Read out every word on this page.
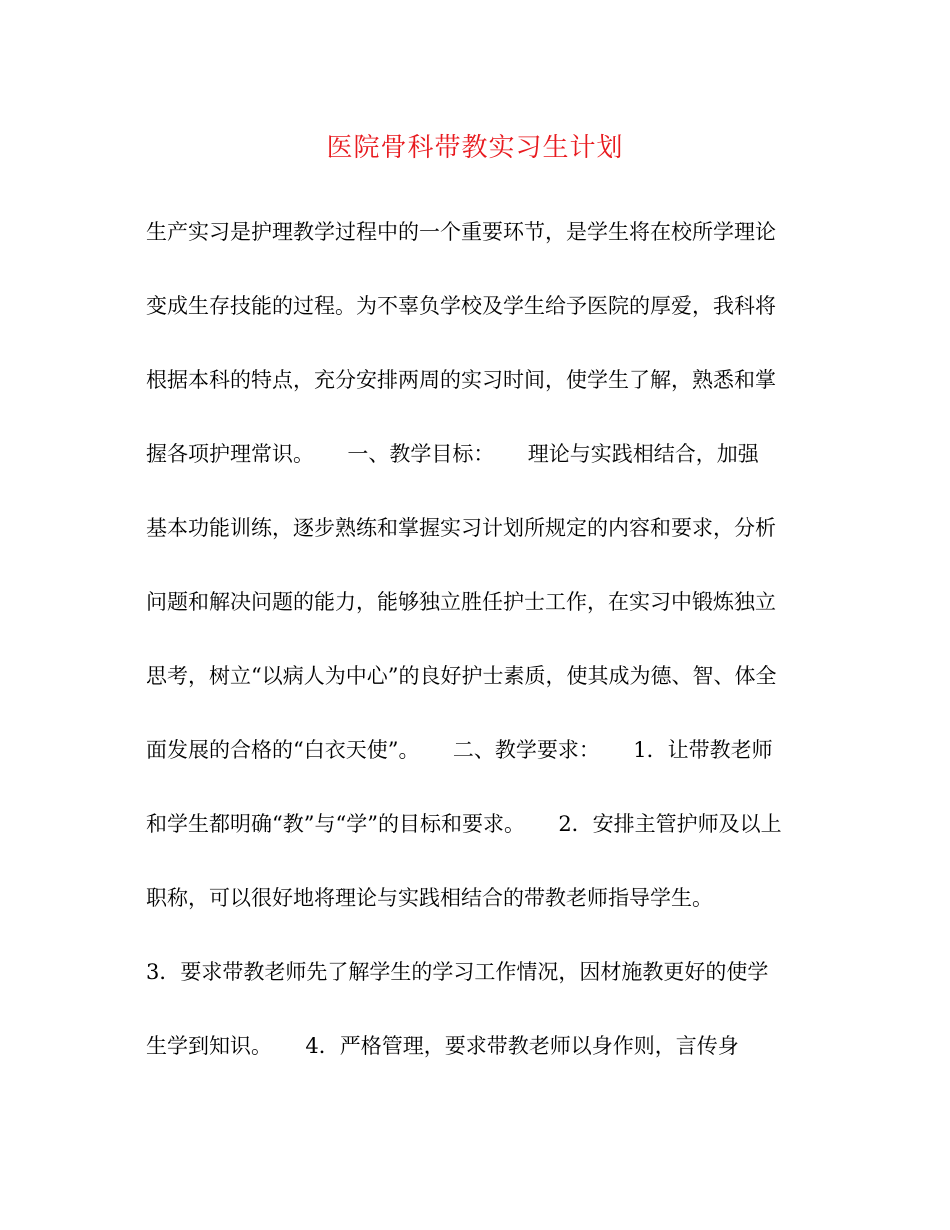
医院骨科带教实习生计划
生产实习是护理教学过程中的一个重要环节，是学生将在校所学理论
变成生存技能的过程。为不辜负学校及学生给予医院的厚爱，我科将
根据本科的特点，充分安排两周的实习时间，使学生了解，熟悉和掌
握各项护理常识。     一、教学目标：     理论与实践相结合，加强
基本功能训练，逐步熟练和掌握实习计划所规定的内容和要求，分析
问题和解决问题的能力，能够独立胜任护士工作，在实习中锻炼独立
思考，树立“以病人为中心”的良好护士素质，使其成为德、智、体全
面发展的合格的“白衣天使”。     二、教学要求：     1．让带教老师
和学生都明确“教”与“学”的目标和要求。     2．安排主管护师及以上
职称，可以很好地将理论与实践相结合的带教老师指导学生。
3．要求带教老师先了解学生的学习工作情况，因材施教更好的使学
生学到知识。     4．严格管理，要求带教老师以身作则，言传身
